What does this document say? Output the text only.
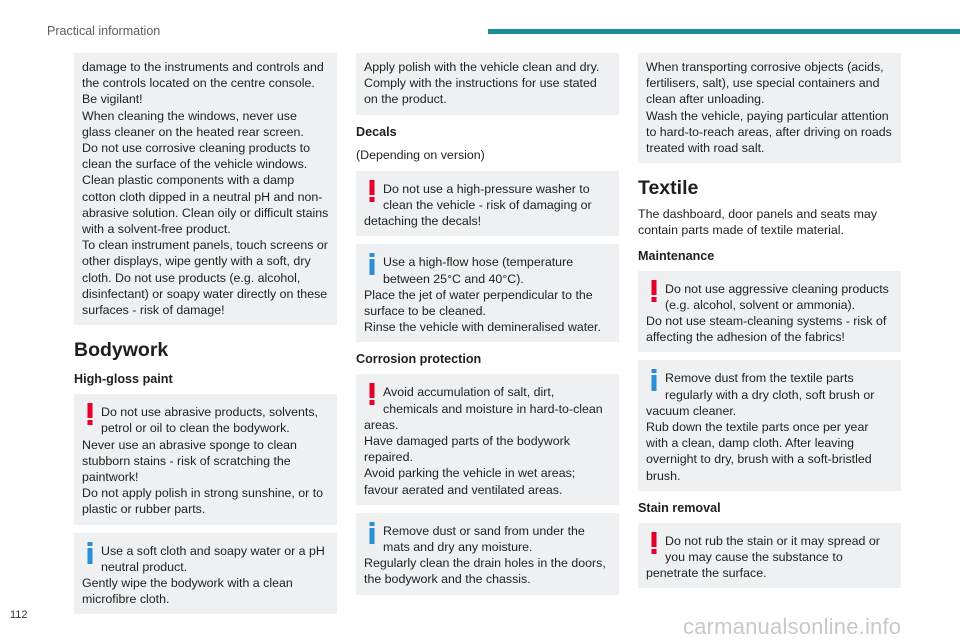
Practical information

damage to the instruments and controls and the controls located on the centre console. Be vigilant!

When cleaning the windows, never use glass cleaner on the heated rear screen.

Do not use corrosive cleaning products to clean the surface of the vehicle windows.

Clean plastic components with a damp cotton cloth dipped in a neutral pH and non-abrasive solution. Clean oily or difficult stains with a solvent-free product.

To clean instrument panels, touch screens or other displays, wipe gently with a soft, dry cloth. Do not use products (e.g. alcohol, disinfectant) or soapy water directly on these surfaces - risk of damage!

Bodywork
High-gloss paint

Do not use abrasive products, solvents, petrol or oil to clean the bodywork.

Never use an abrasive sponge to clean stubborn stains - risk of scratching the paintwork!

Do not apply polish in strong sunshine, or to plastic or rubber parts.

Use a soft cloth and soapy water or a pH neutral product.

Gently wipe the bodywork with a clean microfibre cloth.

Apply polish with the vehicle clean and dry. Comply with the instructions for use stated on the product.

Decals

(Depending on version)

Do not use a high-pressure washer to clean the vehicle - risk of damaging or detaching the decals!

Use a high-flow hose (temperature between 25°C and 40°C).

Place the jet of water perpendicular to the surface to be cleaned.

Rinse the vehicle with demineralised water.

Corrosion protection

Avoid accumulation of salt, dirt, chemicals and moisture in hard-to-clean areas.

Have damaged parts of the bodywork repaired.

Avoid parking the vehicle in wet areas; favour aerated and ventilated areas.

Remove dust or sand from under the mats and dry any moisture.

Regularly clean the drain holes in the doors, the bodywork and the chassis.

When transporting corrosive objects (acids, fertilisers, salt), use special containers and clean after unloading.

Wash the vehicle, paying particular attention to hard-to-reach areas, after driving on roads treated with road salt.

Textile

The dashboard, door panels and seats may contain parts made of textile material.

Maintenance

Do not use aggressive cleaning products (e.g. alcohol, solvent or ammonia).

Do not use steam-cleaning systems - risk of affecting the adhesion of the fabrics!

Remove dust from the textile parts regularly with a dry cloth, soft brush or vacuum cleaner.

Rub down the textile parts once per year with a clean, damp cloth. After leaving overnight to dry, brush with a soft-bristled brush.

Stain removal

Do not rub the stain or it may spread or you may cause the substance to penetrate the surface.

112	carmanualsonline.info
